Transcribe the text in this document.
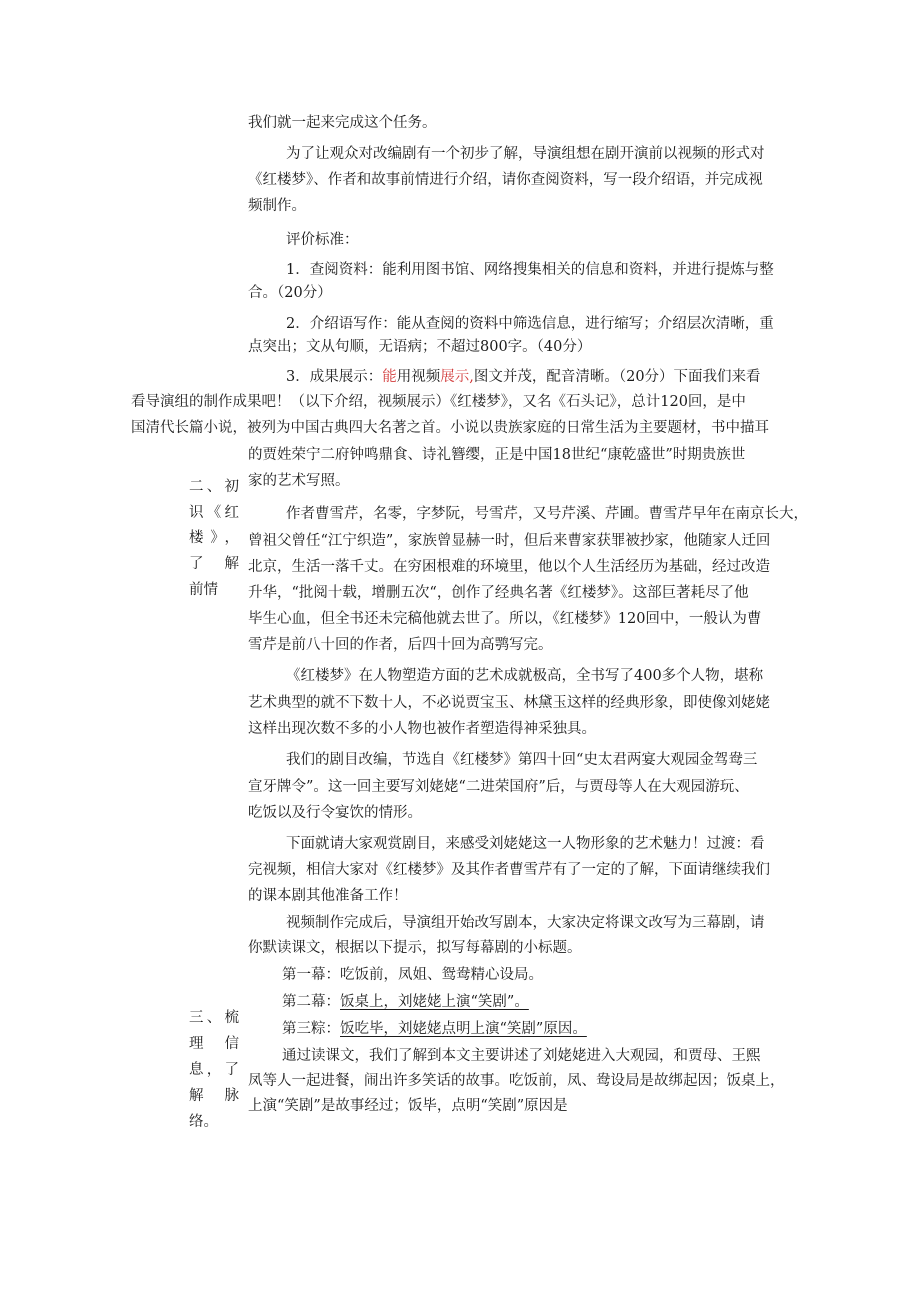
我们就一起来完成这个任务。
为了让观众对改编剧有一个初步了解，导演组想在剧开演前以视频的形式对
《红楼梦》、作者和故事前情进行介绍，请你查阅资料，写一段介绍语，并完成视
频制作。
评价标准：
1．查阅资料：能利用图书馆、网络搜集相关的信息和资料，并进行提炼与整
合。（20分）
2．介绍语写作：能从查阅的资料中筛选信息，进行缩写；介绍层次清晰，重
点突出；文从句顺，无语病；不超过800字。（40分）
3．成果展示：能用视频展示,图文并茂，配音清晰。（20分）下面我们来看
看导演组的制作成果吧！（以下介绍，视频展示）《红楼梦》，又名《石头记》，总计120回，是中
国清代长篇小说，被列为中国古典四大名著之首。小说以贵族家庭的日常生活为主要题材，书中描耳
的贾姓荣宁二府钟鸣鼎食、诗礼簪缨，正是中国18世纪“康乾盛世”时期贵族世
家的艺术写照。
二、初
识《红
楼》，
了 解
前情
作者曹雪芹，名零，字梦阮，号雪芹，又号芹溪、芹圃。曹雪芹早年在南京长大，
曾祖父曾任“江宁织造”，家族曾显赫一时，但后来曹家获罪被抄家，他随家人迁回
北京，生活一落千丈。在穷困根难的环境里，他以个人生活经历为基础，经过改造
升华，“批阅十载，增删五次“，创作了经典名著《红楼梦》。这部巨著耗尽了他
毕生心血，但全书还未完稿他就去世了。所以，《红楼梦》120回中，一般认为曹
雪芹是前八十回的作者，后四十回为高鹗写完。
《红楼梦》在人物塑造方面的艺术成就极高，全书写了400多个人物，堪称
艺术典型的就不下数十人，不必说贾宝玉、林黛玉这样的经典形象，即使像刘姥姥
这样出现次数不多的小人物也被作者塑造得神采独具。
我们的剧目改编，节选自《红楼梦》第四十回“史太君两宴大观园金驾鸯三
宣牙牌令”。这一回主要写刘姥姥“二进荣国府”后，与贾母等人在大观园游玩、
吃饭以及行令宴饮的情形。
下面就请大家观赏剧目，来感受刘姥姥这一人物形象的艺术魅力！过渡：看
完视频，相信大家对《红楼梦》及其作者曹雪芹有了一定的了解，下面请继续我们
的课本剧其他准备工作！
视频制作完成后，导演组开始改写剧本，大家决定将课文改写为三幕剧，请
你默读课文，根据以下提示，拟写每幕剧的小标题。
第一幕：吃饭前，凤姐、鸳鸯精心设局。
第二幕：饭桌上，刘姥姥上演“笑剧”。
第三粽：饭吃毕，刘姥姥点明上演“笑剧”原因。
三、梳
理 信
息，了
解 脉
络。
通过读课文，我们了解到本文主要讲述了刘姥姥进入大观园，和贾母、王熙
凤等人一起进餐，闹出许多笑话的故事。吃饭前，凤、鸯设局是故绑起因；饭桌上，
上演“笑剧”是故事经过；饭毕，点明“笑剧”原因是
